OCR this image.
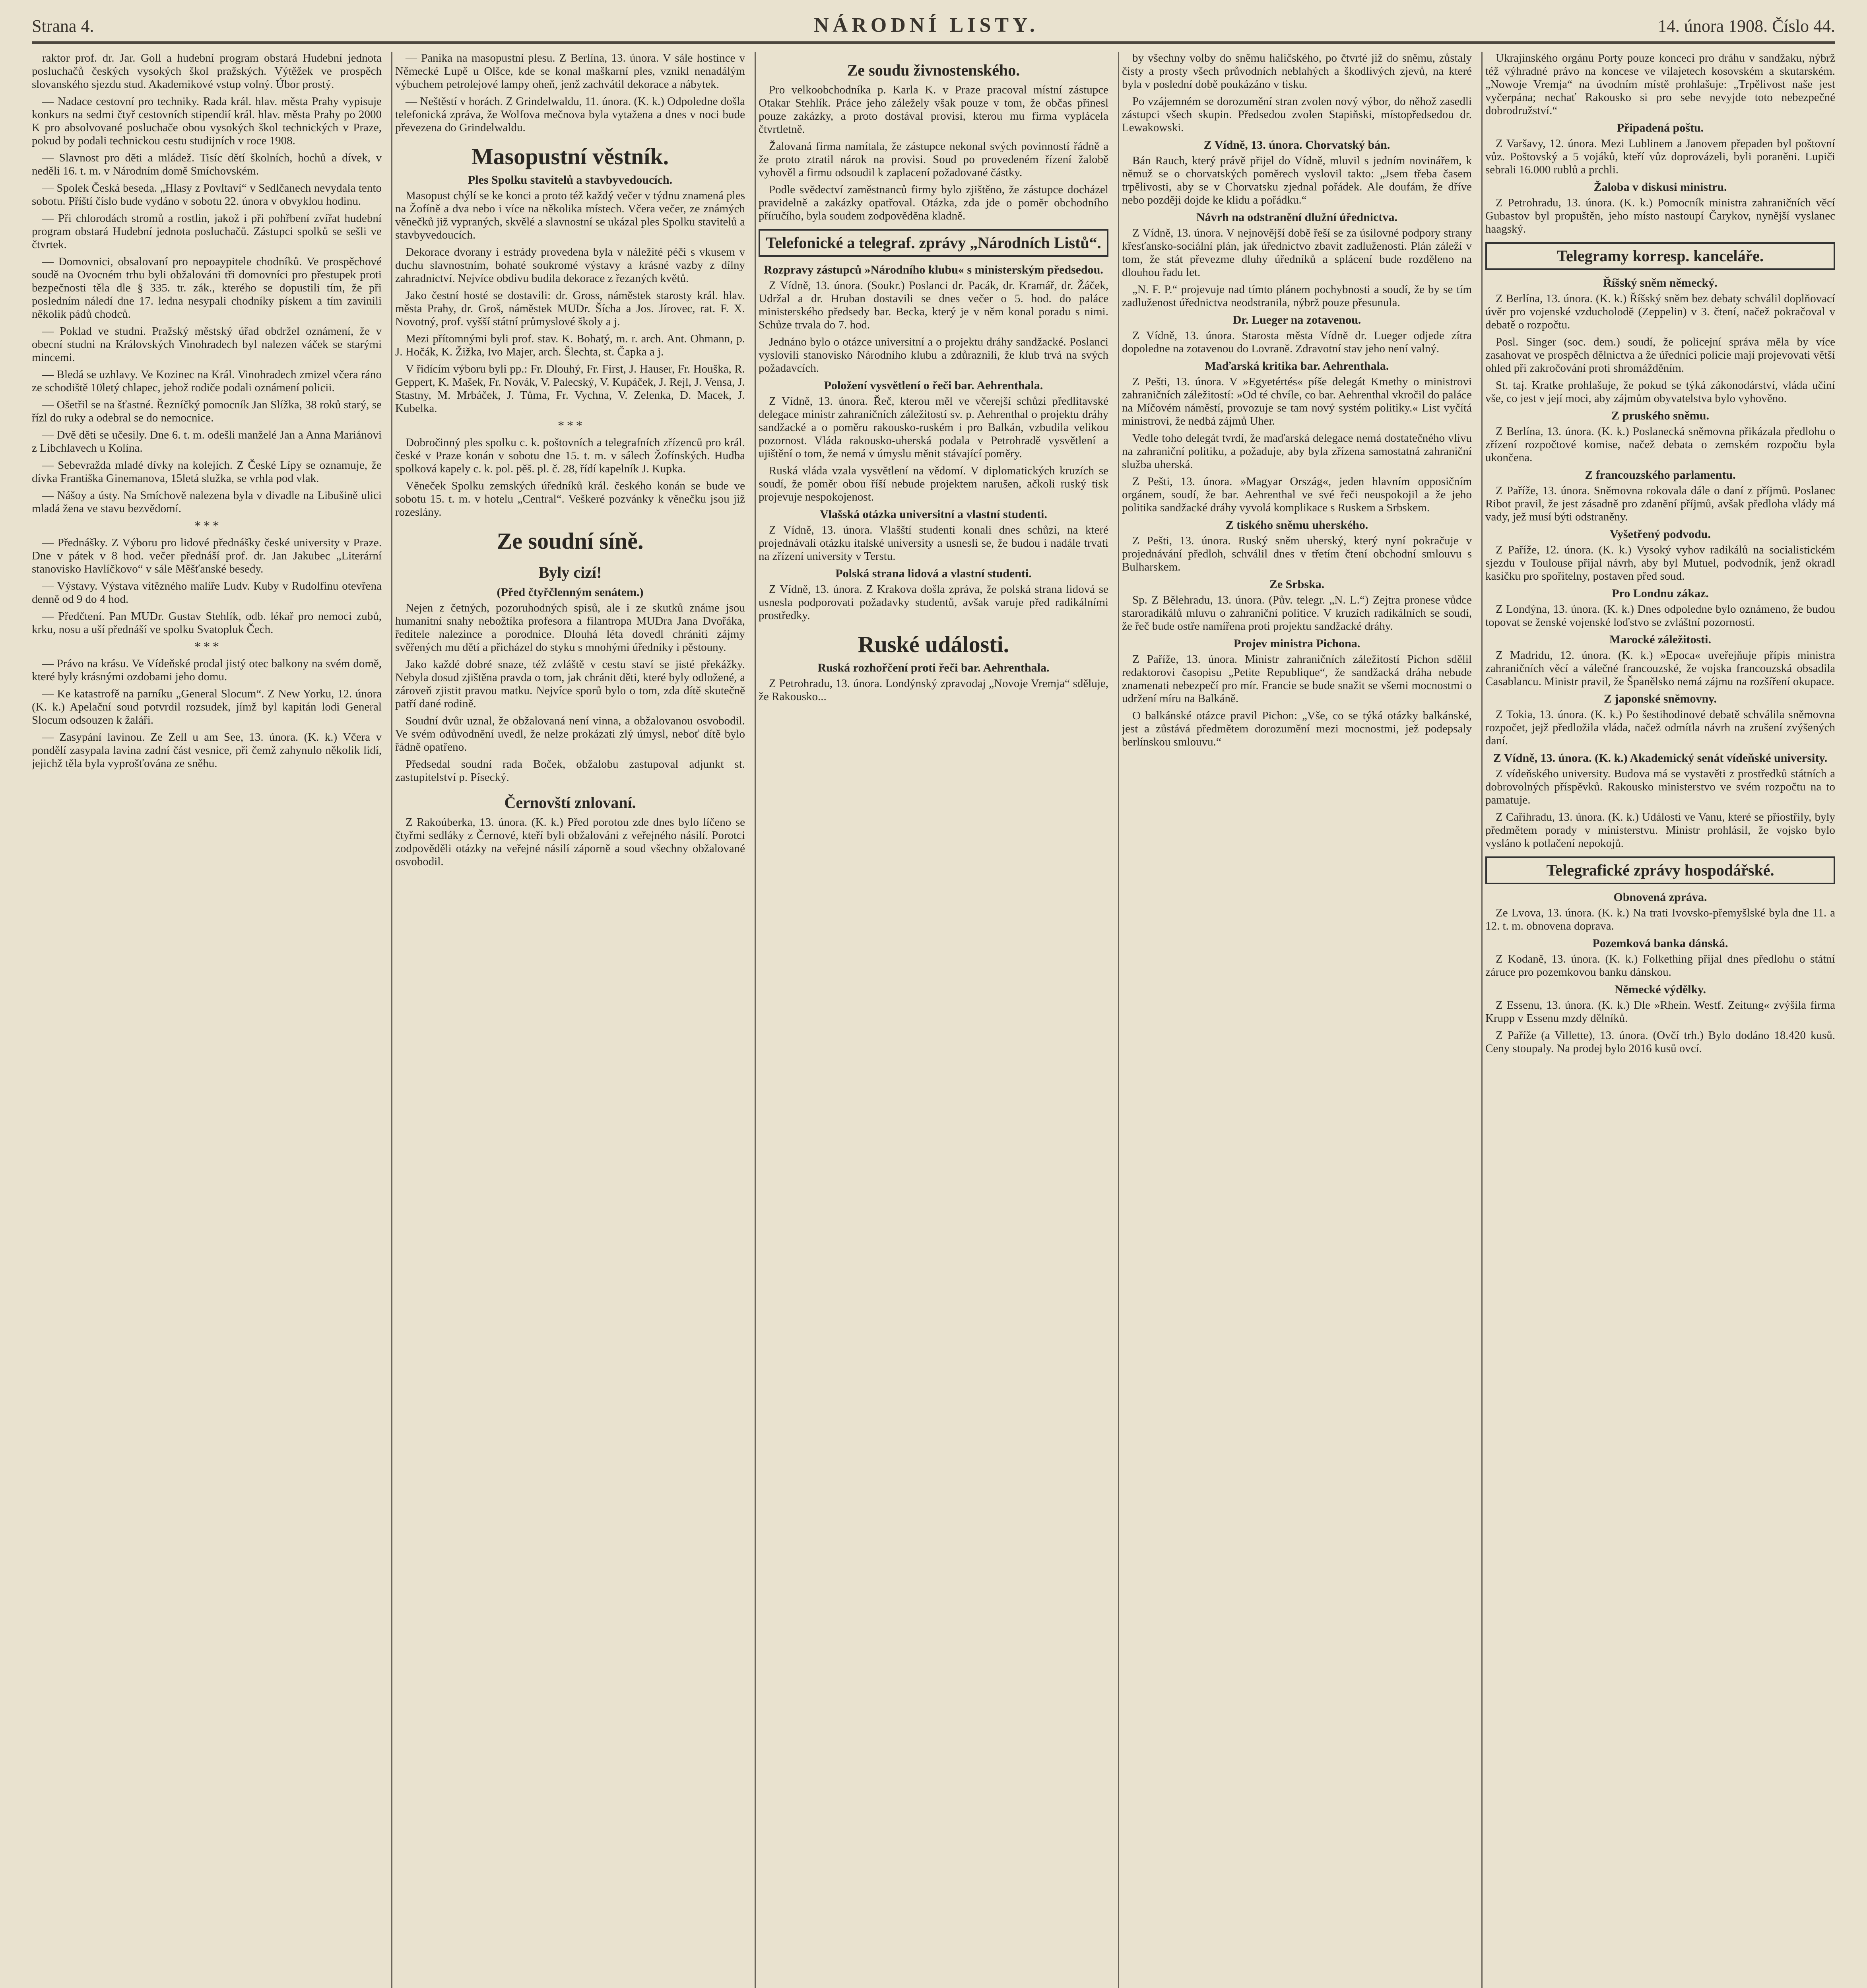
Strana 4.	NÁRODNÍ LISTY.	14. února 1908. Číslo 44.

raktor prof. dr. Jar. Goll a hudební program obstará Hudební jednota posluchačů českých vysokých škol pražských. Výtěžek ve prospěch slovanského sjezdu stud. Akademikové vstup volný. Úbor prostý.

— Nadace cestovní pro techniky. Rada král. hlav. města Prahy vypisuje konkurs na sedmi čtyř cestovních stipendií král. hlav. města Prahy po 2000 K pro absolvované posluchače obou vysokých škol technických v Praze, pokud by podali technickou cestu studijních v roce 1908.

— Slavnost pro děti a mládež. Tisíc dětí školních, hochů a dívek, v neděli 16. t. m. v Národním domě Smíchovském.

— Spolek Česká beseda. „Hlasy z Povltaví“ v Sedlčanech nevydala tento sobotu. Příští číslo bude vydáno v sobotu 22. února v obvyklou hodinu.

— Při chlorodách stromů a rostlin, jakož i při pohřbení zvířat hudební program obstará Hudební jednota posluchačů. Zástupci spolků se sešli ve čtvrtek.

— Domovnici, obsalovaní pro nepoaypitele chodníků. Ve prospěchové soudě na Ovocném trhu byli obžalováni tři domovníci pro přestupek proti bezpečnosti těla dle § 335. tr. zák., kterého se dopustili tím, že při posledním náledí dne 17. ledna nesypali chodníky pískem a tím zavinili několik pádů chodců.

— Poklad ve studni. Pražský městský úřad obdržel oznámení, že v obecní studni na Královských Vinohradech byl nalezen váček se starými mincemi.

— Bledá se uzhlavy. Ve Kozinec na Král. Vinohradech zmizel včera ráno ze schodiště 10letý chlapec, jehož rodiče podali oznámení policii.

— Ošetřil se na šťastné. Řezníčký pomocník Jan Slížka, 38 roků starý, se řízl do ruky a odebral se do nemocnice.

— Dvě děti se učesily. Dne 6. t. m. odešli manželé Jan a Anna Mariánovi z Libchlavech u Kolína.

— Sebevražda mladé dívky na kolejích. Z České Lípy se oznamuje, že dívka Františka Ginemanova, 15letá služka, se vrhla pod vlak.

— Nášoy a ústy. Na Smíchově nalezena byla v divadle na Libušině ulici mladá žena ve stavu bezvědomí.

* * *

— Přednášky. Z Výboru pro lidové přednášky české university v Praze. Dne v pátek v 8 hod. večer přednáší prof. dr. Jan Jakubec „Literární stanovisko Havlíčkovo“ v sále Měšťanské besedy.

— Výstavy. Výstava vítězného malíře Ludv. Kuby v Rudolfinu otevřena denně od 9 do 4 hod.

— Předčtení. Pan MUDr. Gustav Stehlík, odb. lékař pro nemoci zubů, krku, nosu a uší přednáší ve spolku Svatopluk Čech.

* * *

— Právo na krásu. Ve Vídeňské prodal jistý otec balkony na svém domě, které byly krásnými ozdobami jeho domu.

— Ke katastrofě na parníku „General Slocum“. Z New Yorku, 12. února (K. k.) Apelační soud potvrdil rozsudek, jímž byl kapitán lodi General Slocum odsouzen k žaláři.

— Zasypání lavinou. Ze Zell u am See, 13. února. (K. k.) Včera v pondělí zasypala lavina zadní část vesnice, při čemž zahynulo několik lidí, jejichž těla byla vyprošťována ze sněhu.

— Panika na masopustní plesu. Z Berlína, 13. února. V sále hostince v Německé Lupě u Olšce, kde se konal maškarní ples, vznikl nenadálým výbuchem petrolejové lampy oheň, jenž zachvátil dekorace a nábytek.

— Neštěstí v horách. Z Grindelwaldu, 11. února. (K. k.) Odpoledne došla telefonická zpráva, že Wolfova mečnova byla vytažena a dnes v noci bude převezena do Grindelwaldu.

Masopustní věstník.
Ples Spolku stavitelů a stavbyvedoucích.

Masopust chýlí se ke konci a proto též každý večer v týdnu znamená ples na Žofíně a dva nebo i více na několika místech. Včera večer, ze známých věnečků již vypraných, skvělé a slavnostní se ukázal ples Spolku stavitelů a stavbyvedoucích.

Dekorace dvorany i estrády provedena byla v náležité péči s vkusem v duchu slavnostním, bohaté soukromé výstavy a krásné vazby z dílny zahradnictví. Nejvíce obdivu budila dekorace z řezaných květů.

Jako čestní hosté se dostavili: dr. Gross, náměstek starosty král. hlav. města Prahy, dr. Groš, náměstek MUDr. Šícha a Jos. Jírovec, rat. F. X. Novotný, prof. vyšší státní průmyslové školy a j.

Mezi přítomnými byli prof. stav. K. Bohatý, m. r. arch. Ant. Ohmann, p. J. Hočák, K. Žižka, Ivo Majer, arch. Šlechta, st. Čapka a j.

V řidícím výboru byli pp.: Fr. Dlouhý, Fr. First, J. Hauser, Fr. Houška, R. Geppert, K. Mašek, Fr. Novák, V. Palecský, V. Kupáček, J. Rejl, J. Vensa, J. Stastny, M. Mrbáček, J. Tůma, Fr. Vychna, V. Zelenka, D. Macek, J. Kubelka.

* * *

Dobročinný ples spolku c. k. poštovních a telegrafních zřízenců pro král. české v Praze konán v sobotu dne 15. t. m. v sálech Žofínských. Hudba spolková kapely c. k. pol. pěš. pl. č. 28, řídí kapelník J. Kupka.

Věneček Spolku zemských úředníků král. českého konán se bude ve sobotu 15. t. m. v hotelu „Central“. Veškeré pozvánky k věnečku jsou již rozeslány.

Ze soudní síně.
Byly cizí!
(Před čtyřčlenným senátem.)

Nejen z četných, pozoruhodných spisů, ale i ze skutků známe jsou humanitní snahy nebožtíka profesora a filantropa MUDra Jana Dvořáka, ředitele nalezince a porodnice. Dlouhá léta dovedl chrániti zájmy svěřených mu dětí a přicházel do styku s mnohými úředníky i pěstouny.

Jako každé dobré snaze, též zvláště v cestu staví se jisté překážky. Nebyla dosud zjištěna pravda o tom, jak chránit děti, které byly odložené, a zároveň zjistit pravou matku. Nejvíce sporů bylo o tom, zda dítě skutečně patří dané rodině.

Soudní dvůr uznal, že obžalovaná není vinna, a obžalovanou osvobodil. Ve svém odůvodnění uvedl, že nelze prokázati zlý úmysl, neboť dítě bylo řádně opatřeno.

Předsedal soudní rada Boček, obžalobu zastupoval adjunkt st. zastupitelství p. Písecký.

Černovští znlovaní.

Z Rakoúberka, 13. února. (K. k.) Před porotou zde dnes bylo líčeno se čtyřmi sedláky z Černové, kteří byli obžalováni z veřejného násilí. Porotci zodpověděli otázky na veřejné násilí záporně a soud všechny obžalované osvobodil.

Ze soudu živnostenského.

Pro velkoobchodníka p. Karla K. v Praze pracoval místní zástupce Otakar Stehlík. Práce jeho záležely však pouze v tom, že občas přinesl pouze zakázky, a proto dostával provisi, kterou mu firma vyplácela čtvrtletně.

Žalovaná firma namítala, že zástupce nekonal svých povinností řádně a že proto ztratil nárok na provisi. Soud po provedeném řízení žalobě vyhověl a firmu odsoudil k zaplacení požadované částky.

Podle svědectví zaměstnanců firmy bylo zjištěno, že zástupce docházel pravidelně a zakázky opatřoval. Otázka, zda jde o poměr obchodního příručího, byla soudem zodpověděna kladně.

Telefonické a telegraf. zprávy „Národních Listů“.
Rozpravy zástupců »Národního klubu« s ministerským předsedou.

Z Vídně, 13. února. (Soukr.) Poslanci dr. Pacák, dr. Kramář, dr. Žáček, Udržal a dr. Hruban dostavili se dnes večer o 5. hod. do paláce ministerského předsedy bar. Becka, který je v něm konal poradu s nimi. Schůze trvala do 7. hod.

Jednáno bylo o otázce universitní a o projektu dráhy sandžacké. Poslanci vyslovili stanovisko Národního klubu a zdůraznili, že klub trvá na svých požadavcích.

Položení vysvětlení o řeči bar. Aehrenthala.

Z Vídně, 13. února. Řeč, kterou měl ve včerejší schůzi předlitavské delegace ministr zahraničních záležitostí sv. p. Aehrenthal o projektu dráhy sandžacké a o poměru rakousko-ruském i pro Balkán, vzbudila velikou pozornost. Vláda rakousko-uherská podala v Petrohradě vysvětlení a ujištění o tom, že nemá v úmyslu měnit stávající poměry.

Ruská vláda vzala vysvětlení na vědomí. V diplomatických kruzích se soudí, že poměr obou říší nebude projektem narušen, ačkoli ruský tisk projevuje nespokojenost.

Vlašská otázka universitní a vlastní studenti.

Z Vídně, 13. února. Vlašští studenti konali dnes schůzi, na které projednávali otázku italské university a usnesli se, že budou i nadále trvati na zřízení university v Terstu.

Polská strana lidová a vlastní studenti.

Z Vídně, 13. února. Z Krakova došla zpráva, že polská strana lidová se usnesla podporovati požadavky studentů, avšak varuje před radikálními prostředky.

Ruské události.
Ruská rozhořčení proti řeči bar. Aehrenthala.

Z Petrohradu, 13. února. Londýnský zpravodaj „Novoje Vremja“ sděluje, že Rakousko...

by všechny volby do sněmu haličského, po čtvrté již do sněmu, zůstaly čisty a prosty všech průvodních neblahých a škodlivých zjevů, na které byla v poslední době poukázáno v tisku.

Po vzájemném se dorozumění stran zvolen nový výbor, do něhož zasedli zástupci všech skupin. Předsedou zvolen Stapiňski, místopředsedou dr. Lewakowski.

Z Vídně, 13. února. Chorvatský bán.

Bán Rauch, který právě přijel do Vídně, mluvil s jedním novinářem, k němuž se o chorvatských poměrech vyslovil takto: „Jsem třeba časem trpělivosti, aby se v Chorvatsku zjednal pořádek. Ale doufám, že dříve nebo později dojde ke klidu a pořádku.“

Návrh na odstranění dlužní úřednictva.

Z Vídně, 13. února. V nejnovější době řeší se za úsilovné podpory strany křesťansko-sociální plán, jak úřednictvo zbavit zadluženosti. Plán záleží v tom, že stát převezme dluhy úředníků a splácení bude rozděleno na dlouhou řadu let.

„N. F. P.“ projevuje nad tímto plánem pochybnosti a soudí, že by se tím zadluženost úřednictva neodstranila, nýbrž pouze přesunula.

Dr. Lueger na zotavenou.

Z Vídně, 13. února. Starosta města Vídně dr. Lueger odjede zítra dopoledne na zotavenou do Lovraně. Zdravotní stav jeho není valný.

Maďarská kritika bar. Aehrenthala.

Z Pešti, 13. února. V »Egyetértés« píše delegát Kmethy o ministrovi zahraničních záležitostí: »Od té chvíle, co bar. Aehrenthal vkročil do paláce na Míčovém náměstí, provozuje se tam nový systém politiky.« List vyčítá ministrovi, že nedbá zájmů Uher.

Vedle toho delegát tvrdí, že maďarská delegace nemá dostatečného vlivu na zahraniční politiku, a požaduje, aby byla zřízena samostatná zahraniční služba uherská.

Z Pešti, 13. února. »Magyar Ország«, jeden hlavním opposičním orgánem, soudí, že bar. Aehrenthal ve své řeči neuspokojil a že jeho politika sandžacké dráhy vyvolá komplikace s Ruskem a Srbskem.

Z tiského sněmu uherského.

Z Pešti, 13. února. Ruský sněm uherský, který nyní pokračuje v projednávání předloh, schválil dnes v třetím čtení obchodní smlouvu s Bulharskem.

Ze Srbska.

Sp. Z Bělehradu, 13. února. (Pův. telegr. „N. L.“) Zejtra pronese vůdce staroradikálů mluvu o zahraniční politice. V kruzích radikálních se soudí, že řeč bude ostře namířena proti projektu sandžacké dráhy.

Projev ministra Pichona.

Z Paříže, 13. února. Ministr zahraničních záležitostí Pichon sdělil redaktorovi časopisu „Petite Republique“, že sandžacká dráha nebude znamenati nebezpečí pro mír. Francie se bude snažit se všemi mocnostmi o udržení míru na Balkáně.

O balkánské otázce pravil Pichon: „Vše, co se týká otázky balkánské, jest a zůstává předmětem dorozumění mezi mocnostmi, jež podepsaly berlínskou smlouvu.“

Ukrajinského orgánu Porty pouze konceci pro dráhu v sandžaku, nýbrž též výhradné právo na koncese ve vilajetech kosovském a skutarském. „Nowoje Vremja“ na úvodním místě prohlašuje: „Trpělivost naše jest vyčerpána; nechať Rakousko si pro sebe nevyjde toto nebezpečné dobrodružství.“

Připadená poštu.

Z Varšavy, 12. února. Mezi Lublinem a Janovem přepaden byl poštovní vůz. Poštovský a 5 vojáků, kteří vůz doprovázeli, byli poraněni. Lupiči sebrali 16.000 rublů a prchli.

Žaloba v diskusi ministru.

Z Petrohradu, 13. února. (K. k.) Pomocník ministra zahraničních věcí Gubastov byl propuštěn, jeho místo nastoupí Čarykov, nynější vyslanec haagský.

Telegramy korresp. kanceláře.
Říšský sněm německý.

Z Berlína, 13. února. (K. k.) Říšský sněm bez debaty schválil doplňovací úvěr pro vojenské vzducholodě (Zeppelin) v 3. čtení, načež pokračoval v debatě o rozpočtu.

Posl. Singer (soc. dem.) soudí, že policejní správa měla by více zasahovat ve prospěch dělnictva a že úředníci policie mají projevovati větší ohled při zakročování proti shromážděním.

St. taj. Kratke prohlašuje, že pokud se týká zákonodárství, vláda učiní vše, co jest v její moci, aby zájmům obyvatelstva bylo vyhověno.

Z pruského sněmu.

Z Berlína, 13. února. (K. k.) Poslanecká sněmovna přikázala předlohu o zřízení rozpočtové komise, načež debata o zemském rozpočtu byla ukončena.

Z francouzského parlamentu.

Z Paříže, 13. února. Sněmovna rokovala dále o daní z příjmů. Poslanec Ribot pravil, že jest zásadně pro zdanění příjmů, avšak předloha vlády má vady, jež musí býti odstraněny.

Vyšetřený podvodu.

Z Paříže, 12. února. (K. k.) Vysoký vyhov radikálů na socialistickém sjezdu v Toulouse přijal návrh, aby byl Mutuel, podvodník, jenž okradl kasičku pro spořitelny, postaven před soud.

Pro Londnu zákaz.

Z Londýna, 13. února. (K. k.) Dnes odpoledne bylo oznámeno, že budou topovat se ženské vojenské loďstvo se zvláštní pozorností.

Marocké záležitosti.

Z Madridu, 12. února. (K. k.) »Epoca« uveřejňuje přípis ministra zahraničních věcí a válečné francouzské, že vojska francouzská obsadila Casablancu. Ministr pravil, že Španělsko nemá zájmu na rozšíření okupace.

Z japonské sněmovny.

Z Tokia, 13. února. (K. k.) Po šestihodinové debatě schválila sněmovna rozpočet, jejž předložila vláda, načež odmítla návrh na zrušení zvýšených daní.

Z Vídně, 13. února. (K. k.) Akademický senát vídeňské university.

Z vídeňského university. Budova má se vystavěti z prostředků státních a dobrovolných příspěvků. Rakousko ministerstvo ve svém rozpočtu na to pamatuje.

Z Cařihradu, 13. února. (K. k.) Události ve Vanu, které se přiostřily, byly předmětem porady v ministerstvu. Ministr prohlásil, že vojsko bylo vysláno k potlačení nepokojů.

Telegrafické zprávy hospodářské.
Obnovená zpráva.

Ze Lvova, 13. února. (K. k.) Na trati Ivovsko-přemyšlské byla dne 11. a 12. t. m. obnovena doprava.

Pozemková banka dánská.

Z Kodaně, 13. února. (K. k.) Folkething přijal dnes předlohu o státní záruce pro pozemkovou banku dánskou.

Německé výdělky.

Z Essenu, 13. února. (K. k.) Dle »Rhein. Westf. Zeitung« zvýšila firma Krupp v Essenu mzdy dělníků.

Z Paříže (a Villette), 13. února. (Ovčí trh.) Bylo dodáno 18.420 kusů. Ceny stoupaly. Na prodej bylo 2016 kusů ovcí.
